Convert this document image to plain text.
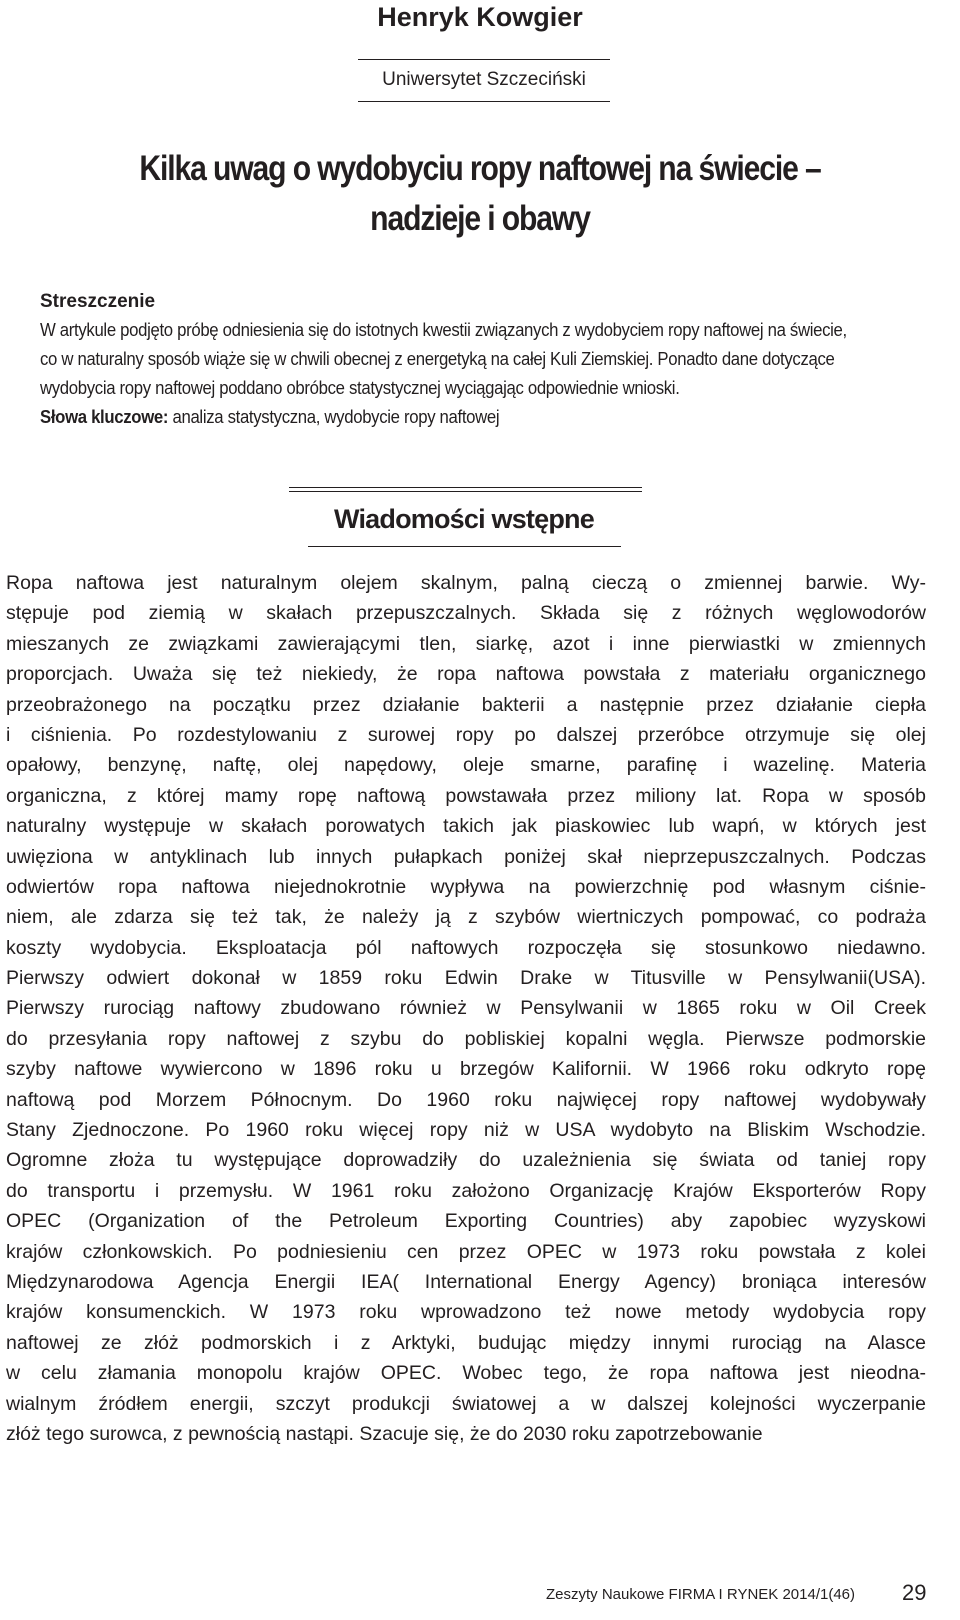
Henryk Kowgier
Uniwersytet Szczeciński
Kilka uwag o wydobyciu ropy naftowej na świecie –
nadzieje i obawy
Streszczenie
W artykule podjęto próbę odniesienia się do istotnych kwestii związanych z wydobyciem ropy naftowej na świecie,
co w naturalny sposób wiąże się w chwili obecnej z energetyką na całej Kuli Ziemskiej. Ponadto dane dotyczące
wydobycia ropy naftowej poddano obróbce statystycznej wyciągając odpowiednie wnioski.
Słowa kluczowe: analiza statystyczna, wydobycie ropy naftowej
Wiadomości wstępne
Ropa naftowa jest naturalnym olejem skalnym, palną cieczą o zmiennej barwie. Wy-
stępuje pod ziemią w skałach przepuszczalnych. Składa się z różnych węglowodorów
mieszanych ze związkami zawierającymi tlen, siarkę, azot i inne pierwiastki w zmiennych
proporcjach. Uważa się też niekiedy, że ropa naftowa powstała z materiału organicznego
przeobrażonego na początku przez działanie bakterii a następnie przez działanie ciepła
i ciśnienia. Po rozdestylowaniu z surowej ropy po dalszej przeróbce otrzymuje się olej
opałowy, benzynę, naftę, olej napędowy, oleje smarne, parafinę i wazelinę. Materia
organiczna, z której mamy ropę naftową powstawała przez miliony lat. Ropa w sposób
naturalny występuje w skałach porowatych takich jak piaskowiec lub wapń, w których jest
uwięziona w antyklinach lub innych pułapkach poniżej skał nieprzepuszczalnych. Podczas
odwiertów ropa naftowa niejednokrotnie wypływa na powierzchnię pod własnym ciśnie-
niem, ale zdarza się też tak, że należy ją z szybów wiertniczych pompować, co podraża
koszty wydobycia. Eksploatacja pól naftowych rozpoczęła się stosunkowo niedawno.
Pierwszy odwiert dokonał w 1859 roku Edwin Drake w Titusville w Pensylwanii(USA).
Pierwszy rurociąg naftowy zbudowano również w Pensylwanii w 1865 roku w Oil Creek
do przesyłania ropy naftowej z szybu do pobliskiej kopalni węgla. Pierwsze podmorskie
szyby naftowe wywiercono w 1896 roku u brzegów Kalifornii. W 1966 roku odkryto ropę
naftową pod Morzem Północnym. Do 1960 roku najwięcej ropy naftowej wydobywały
Stany Zjednoczone. Po 1960 roku więcej ropy niż w USA wydobyto na Bliskim Wschodzie.
Ogromne złoża tu występujące doprowadziły do uzależnienia się świata od taniej ropy
do transportu i przemysłu. W 1961 roku założono Organizację Krajów Eksporterów Ropy
OPEC (Organization of the Petroleum Exporting Countries) aby zapobiec wyzyskowi
krajów członkowskich. Po podniesieniu cen przez OPEC w 1973 roku powstała z kolei
Międzynarodowa Agencja Energii IEA( International Energy Agency) broniąca interesów
krajów konsumenckich. W 1973 roku wprowadzono też nowe metody wydobycia ropy
naftowej ze złóż podmorskich i z Arktyki, budując między innymi rurociąg na Alasce
w celu złamania monopolu krajów OPEC. Wobec tego, że ropa naftowa jest nieodna-
wialnym źródłem energii, szczyt produkcji światowej a w dalszej kolejności wyczerpanie
złóż tego surowca, z pewnością nastąpi. Szacuje się, że do 2030 roku zapotrzebowanie
Zeszyty Naukowe FIRMA I RYNEK 2014/1(46) 29
